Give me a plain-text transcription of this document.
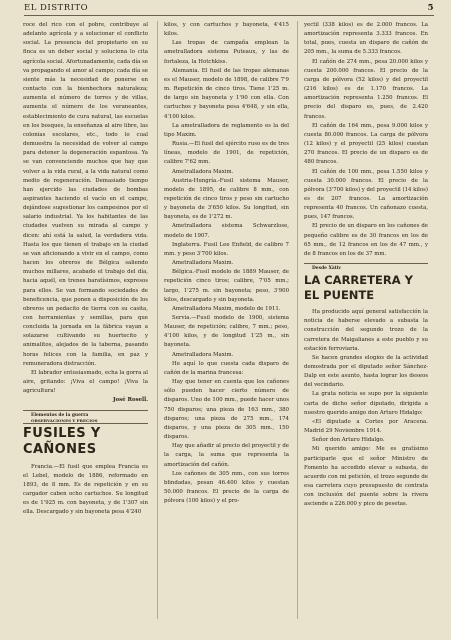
EL DISTRITO	5

roce del rico con el pobre, contribuye al adelanto agrícola y a solucionar el conflicto social. La presencia del propietario en su finca es un deber social y soluciona lo cita agrícola social. Afortunadamente, cada día se va propagando el amor al campo; cada día se siente más la necesidad de ponerse en contacto con la bienhechora naturaleza; aumenta el número de torres y de villas, aumenta el número de los veraneantes, establecimiento de cura natural, las escuelas en los bosques, la enseñanza al aire libre, las colonias escolares, etc., todo lo cual demuestra la necesidad de volver al campo para detener la degeneración espantosa. Ya se van convenciendo muchos que hay que volver a la vida rural, a la vida natural como medio de regeneración. Demasiado tiempo han ejercido las ciudades de bombas aspirantes haciendo el vacío en el campo, dejándose sugestionar los campesinos por el salario industrial. Ya los habitantes de las ciudades vuelven su mirada al campo y dicen: ahí está la salud, la verdadera vida. Hasta los que tienen el trabajo en la ciudad se van aficionando a vivir en el campo, como hacen los obreros de Bélgica saliendo muchos millares, acabado el trabajo del día, hacia aquél, en trenes baratísimos, expresos para ellos. Se van formando sociedades de beneficencia, que ponen a disposición de los obreros un pedacito de tierra con su casita, con herramientas y semillas, para que concluida la jornada en la fábrica vayan a solazarse cultivando su huertecito y animalitos, alejados de la taberna, pasando horas felices con la familia, en paz y remuneradora distracción.

El labrador entusiasmado, echa la gorra al aire, gritando: ¡Viva el campo! ¡Viva la agricultura!

José Rosell.

Elementos de la guerra

OBSERVACIONES Y PRECIOS

FUSILES Y CAÑONES

Francia.—El fusil que emplea Francia es el Lebel, modelo de 1886, reformado en 1893, de 8 mm. Es de repetición y en su cargador caben ocho cartuchos. Su longitud es de 1'925 m. con bayoneta, y de 1'307 sin ella. Descargado y sin bayoneta pesa 4'240

kilos, y con cartuchos y bayoneta, 4'415 kilos.

Las tropas de campaña emplean la ametralladora sistema Puteaux, y las de fortaleza, la Hotchkiss.

Alemania. El fusil de las tropas alemanas es el Mauser, modelo de 1898, de calibre 7'9 m. Repetición de cinco tiros. Tiene 1'25 m. de largo sin bayoneta y 1'90 con ella. Con cartuchos y bayoneta pesa 4'648, y sin ella, 4'100 kilos.

La ametralladora de reglamento es la del tipo Maxim.

Rusia.—El fusil del ejército ruso es de tres líneas, modelo de 1901, de repetición, calibre 7'62 mm.

Ametralladora Maxim.

Austria-Hungría.-Fusil sistema Mauser, modelo de 1895, de calibre 8 mm., con repetición de cinco tiros y peso sin cartucho y bayoneta de 3'650 kilos. Su longitud, sin bayoneta, es de 1'272 m.

Ametralladora sistema Schwarzlose, modelo de 1907.

Inglaterra. Fusil Lee Enfield, de calibre 7 mm. y peso 3'700 kilos.

Ametralladora Maxim.

Bélgica.-Fusil modelo de 1889 Mauser, de repetición cinco tiros; calibre, 7'05 mm.; largo, 1'275 m. sin bayoneta; peso, 3'900 kilos, descargado y sin bayoneta.

Ametralladora Maxim, modelo de 1911.

Servia.—Fusil modelo de 1900, sistema Mauser, de repetición; calibre, 7 mm.; peso, 4'100 kilos, y de longitud 1'25 m., sin bayoneta.

Ametralladora Maxim.

He aquí lo que cuesta cada disparo de cañón de la marina francesa:

Hay que tener en cuenta que los cañones sólo pueden hacer cierto número de disparos. Uno de 100 mm., puede hacer unos 750 disparos; una pieza de 163 mm., 380 disparos; una pieza de 275 mm., 174 disparos, y una pieza de 305 mm., 150 disparos.

Hay que añadir al precio del proyectil y de la carga, la suma que representa la amortización del cañón.

Los cañones de 305 mm., con sus torres blindadas, pesan 46.400 kilos y cuestan 50.000 francos. El precio de la carga de pólvora (100 kilos) y el pro-

yectil (338 kilos) es de 2.000 francos. La amortización representa 3.333 francos. En total, pues, cuesta un disparo de cañón de 205 mm., la suma de 5.333 francos.

El cañón de 274 mm., pesa 20.000 kilos y cuesta 200.000 francos. El precio de la carga de pólvora (52 kilos) y del proyectil (216 kilos) es de 1.170 francos. La amortización representa 1.250 francos. El precio del disparo es, pues, de 2.420 francos.

El cañón de 164 mm., pesa 9.000 kilos y cuesta 80.000 francos. La carga de pólvora (12 kilos) y el proyectil (25 kilos) cuestan 270 francos. El precio de un disparo es de 480 francos.

El cañón de 100 mm., pesa 1.550 kilos y cuesta 30.000 francos. El precio de la pólvora (3'700 kilos) y del proyectil (14 kilos) es de 207 francos. La amortización representa 40 francos. Un cañonazo cuesta, pues, 147 francos.

El precio de un disparo en los cañones de pequeño calibre es de 30 francos en los de 65 mm., de 12 francos en los de 47 mm., y de 8 francos en los de 37 mm.

Desde Xàtiv

LA CARRETERA Y EL PUENTE

Ha producido aquí general satisfacción la noticia de haberse elevado a subasta la construcción del segundo trozo de la carretera de Maigalianes a este pueblo y su estación ferroviaria.

Se hacen grandes elogios de la actividad demostrada por el diputado señor Sánchez-Dalp en este asunto, hasta lograr los deseos del vecindario.

La grata noticia se supo por la siguiente carta de dicho señor diputado, dirigida a nuestro querido amigo don Arturo Hidalgo:

«El diputado a Cortes por Aracena. Madrid 29 Noviembre 1914.

Señor don Arturo Hidalgo.

Mi querido amigo: Me es gratísimo participarle que el señor Ministro de Fomento ha accedido elevar a subasta, de acuerdo con mi petición, el trozo segundo de esa carretera cuyo presupuesto de contrata con inclusión del puente sobre la rivera asciende a 226.000 y pico de pesetas.
